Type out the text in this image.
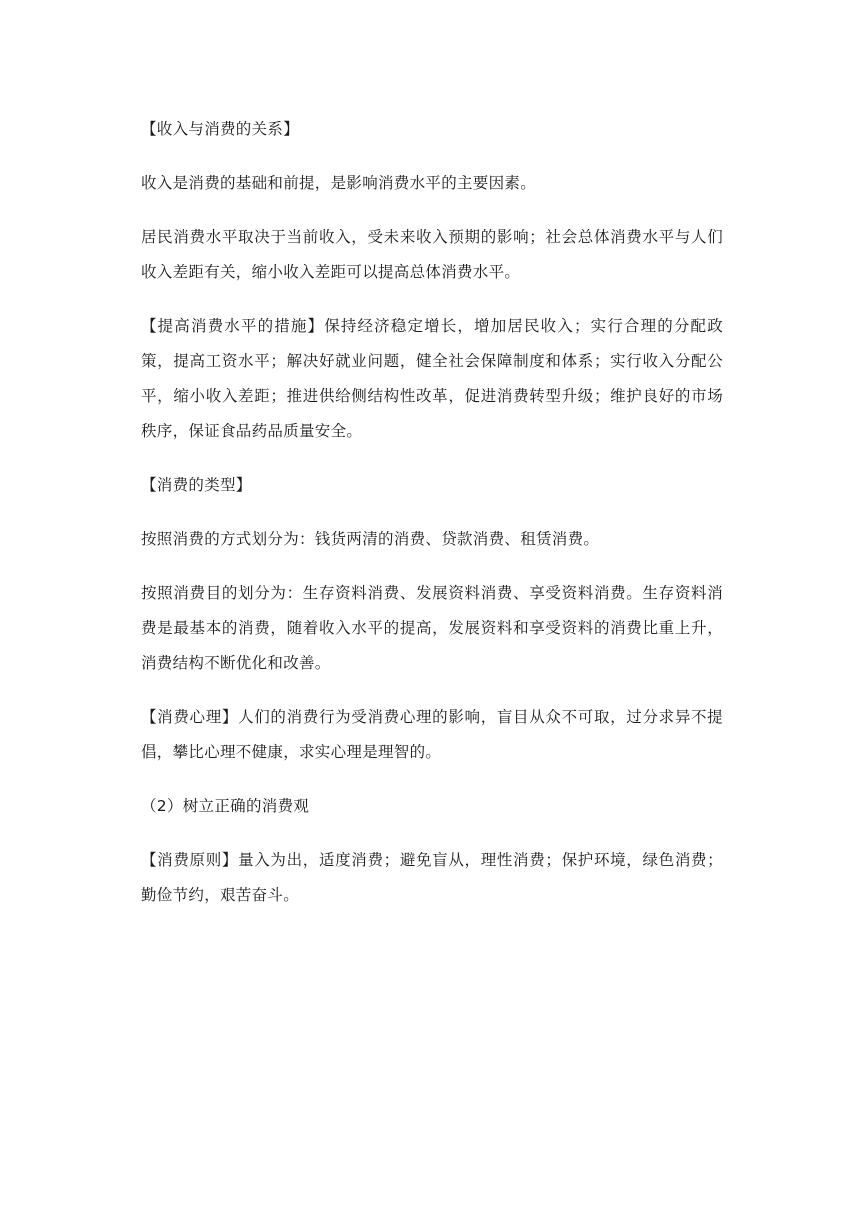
【收入与消费的关系】

收入是消费的基础和前提，是影响消费水平的主要因素。

居民消费水平取决于当前收入，受未来收入预期的影响；社会总体消费水平与人们收入差距有关，缩小收入差距可以提高总体消费水平。

【提高消费水平的措施】保持经济稳定增长，增加居民收入；实行合理的分配政策，提高工资水平；解决好就业问题，健全社会保障制度和体系；实行收入分配公平，缩小收入差距；推进供给侧结构性改革，促进消费转型升级；维护良好的市场秩序，保证食品药品质量安全。

【消费的类型】

按照消费的方式划分为：钱货两清的消费、贷款消费、租赁消费。

按照消费目的划分为：生存资料消费、发展资料消费、享受资料消费。生存资料消费是最基本的消费，随着收入水平的提高，发展资料和享受资料的消费比重上升，消费结构不断优化和改善。

【消费心理】人们的消费行为受消费心理的影响，盲目从众不可取，过分求异不提倡，攀比心理不健康，求实心理是理智的。

（2）树立正确的消费观

【消费原则】量入为出，适度消费；避免盲从，理性消费；保护环境，绿色消费；勤俭节约，艰苦奋斗。
